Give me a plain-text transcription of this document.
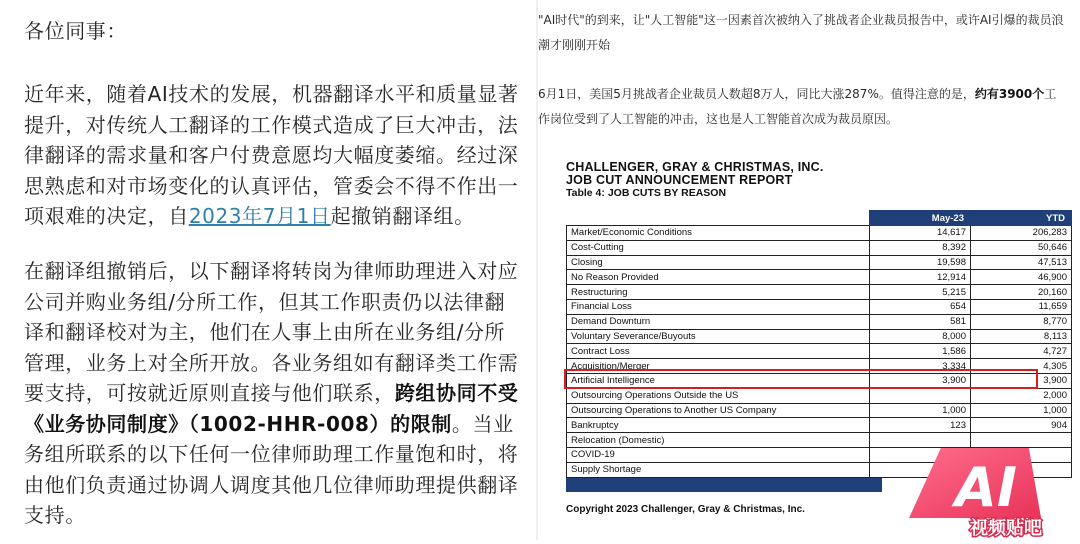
各位同事：

近年来，随着AI技术的发展，机器翻译水平和质量显著提升，对传统人工翻译的工作模式造成了巨大冲击，法律翻译的需求量和客户付费意愿均大幅度萎缩。经过深思熟虑和对市场变化的认真评估，管委会不得不作出一项艰难的决定，自2023年7月1日起撤销翻译组。

在翻译组撤销后，以下翻译将转岗为律师助理进入对应公司并购业务组/分所工作，但其工作职责仍以法律翻译和翻译校对为主，他们在人事上由所在业务组/分所管理，业务上对全所开放。各业务组如有翻译类工作需要支持，可按就近原则直接与他们联系，跨组协同不受《业务协同制度》（1002-HHR-008）的限制。当业务组所联系的以下任何一位律师助理工作量饱和时，将由他们负责通过协调人调度其他几位律师助理提供翻译支持。

"AI时代"的到来，让"人工智能"这一因素首次被纳入了挑战者企业裁员报告中，或许AI引爆的裁员浪潮才刚刚开始

6月1日，美国5月挑战者企业裁员人数超8万人，同比大涨287%。值得注意的是，约有3900个工作岗位受到了人工智能的冲击，这也是人工智能首次成为裁员原因。

CHALLENGER, GRAY & CHRISTMAS, INC.
JOB CUT ANNOUNCEMENT REPORT
Table 4: JOB CUTS BY REASON
	May-23	YTD
Market/Economic Conditions	14,617	206,283
Cost-Cutting	8,392	50,646
Closing	19,598	47,513
No Reason Provided	12,914	46,900
Restructuring	5,215	20,160
Financial Loss	654	11,659
Demand Downturn	581	8,770
Voluntary Severance/Buyouts	8,000	8,113
Contract Loss	1,586	4,727
Acquisition/Merger	3,334	4,305
Artificial Intelligence	3,900	3,900
Outsourcing Operations Outside the US		2,000
Outsourcing Operations to Another US Company	1,000	1,000
Bankruptcy	123	904
Relocation (Domestic)		
COVID-19		
Supply Shortage		
Copyright 2023 Challenger, Gray & Christmas, Inc.	AI
视频贴吧
